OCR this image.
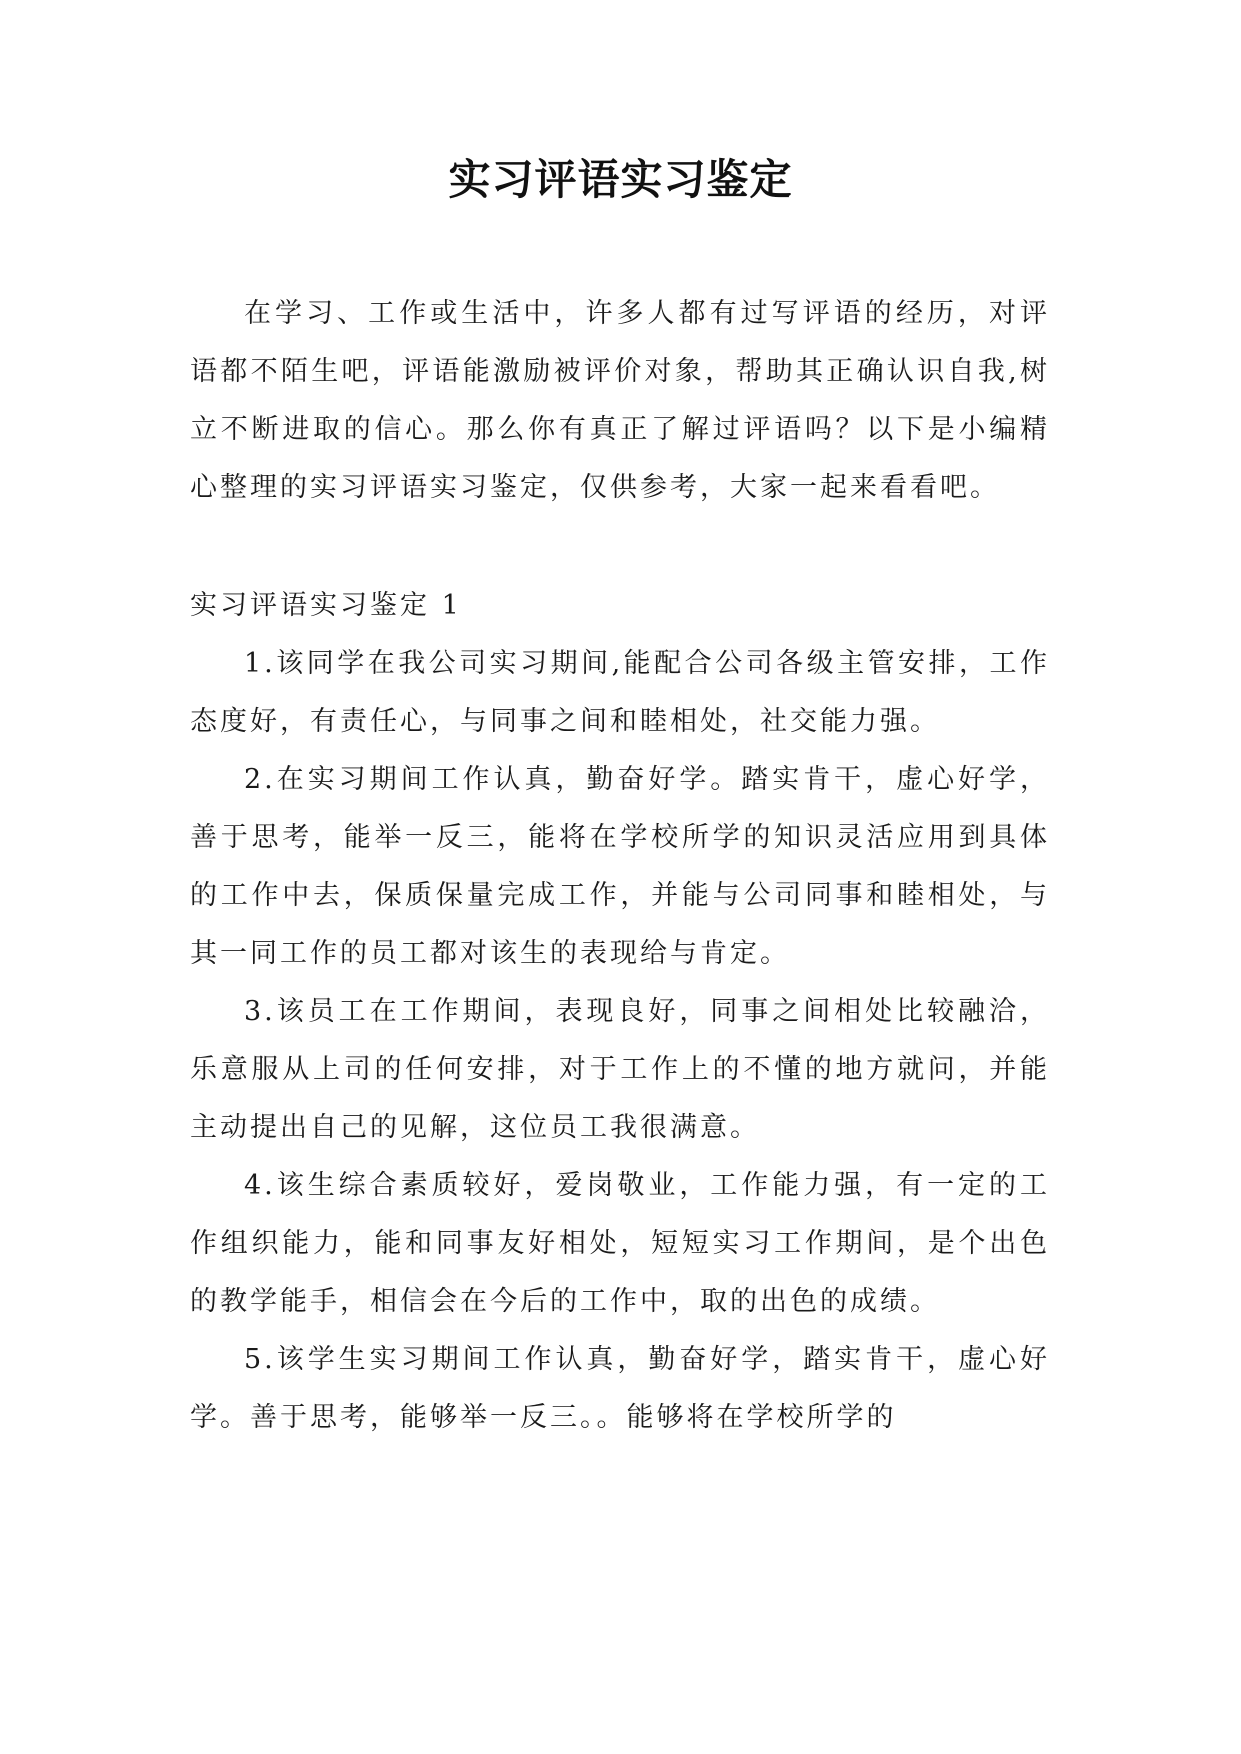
实习评语实习鉴定

在学习、工作或生活中，许多人都有过写评语的经历，对评语都不陌生吧，评语能激励被评价对象，帮助其正确认识自我,树立不断进取的信心。那么你有真正了解过评语吗？以下是小编精心整理的实习评语实习鉴定，仅供参考，大家一起来看看吧。

实习评语实习鉴定 1

1.该同学在我公司实习期间,能配合公司各级主管安排，工作态度好，有责任心，与同事之间和睦相处，社交能力强。

2.在实习期间工作认真，勤奋好学。踏实肯干，虚心好学，善于思考，能举一反三，能将在学校所学的知识灵活应用到具体的工作中去，保质保量完成工作，并能与公司同事和睦相处，与其一同工作的员工都对该生的表现给与肯定。

3.该员工在工作期间，表现良好，同事之间相处比较融洽，乐意服从上司的任何安排，对于工作上的不懂的地方就问，并能主动提出自己的见解，这位员工我很满意。

4.该生综合素质较好，爱岗敬业，工作能力强，有一定的工作组织能力，能和同事友好相处，短短实习工作期间，是个出色的教学能手，相信会在今后的工作中，取的出色的成绩。

5.该学生实习期间工作认真，勤奋好学，踏实肯干，虚心好学。善于思考，能够举一反三。。能够将在学校所学的
